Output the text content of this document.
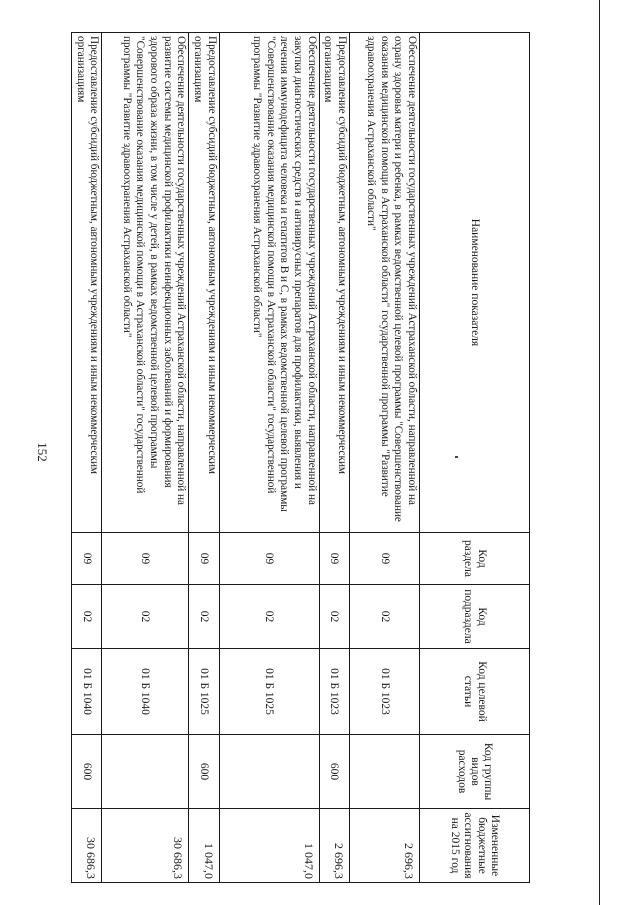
152
Наименование показателя	Код раздела	Код подраздела	Код целевой статьи	Код группы видов расходов	Измененные бюджетные ассигнования на 2015 год
Обеспечение деятельности государственных учреждений Астраханской области, направленной на охрану здоровья матери и ребенка, в рамках ведомственной целевой программы "Совершенствование оказания медицинской помощи в Астраханской области" государственной программы "Развитие здравоохранения Астраханской области"	09	02	01 Б 1023		2 696,3
Предоставление субсидий бюджетным, автономным учреждениям и иным некоммерческим организациям	09	02	01 Б 1023	600	2 696,3
Обеспечение деятельности государственных учреждений Астраханской области, направленной на закупки диагностических средств и антивирусных препаратов для профилактики, выявления и лечения иммунодефицита человека и гепатитов В и С, в рамках ведомственной целевой программы "Совершенствование оказания медицинской помощи в Астраханской области" государственной программы "Развитие здравоохранения Астраханской области"	09	02	01 Б 1025		1 047,0
Предоставление субсидий бюджетным, автономным учреждениям и иным некоммерческим организациям	09	02	01 Б 1025	600	1 047,0
Обеспечение деятельности государственных учреждений Астраханской области, направленной на развитие системы медицинской профилактики неинфекционных заболеваний и формирования здорового образа жизни, в том числе у детей, в рамках ведомственной целевой программы "Совершенствование оказания медицинской помощи в Астраханской области" государственной программы "Развитие здравоохранения Астраханской области"	09	02	01 Б 1040		30 686,3
Предоставление субсидий бюджетным, автономным учреждениям и иным некоммерческим организациям	09	02	01 Б 1040	600	30 686,3
